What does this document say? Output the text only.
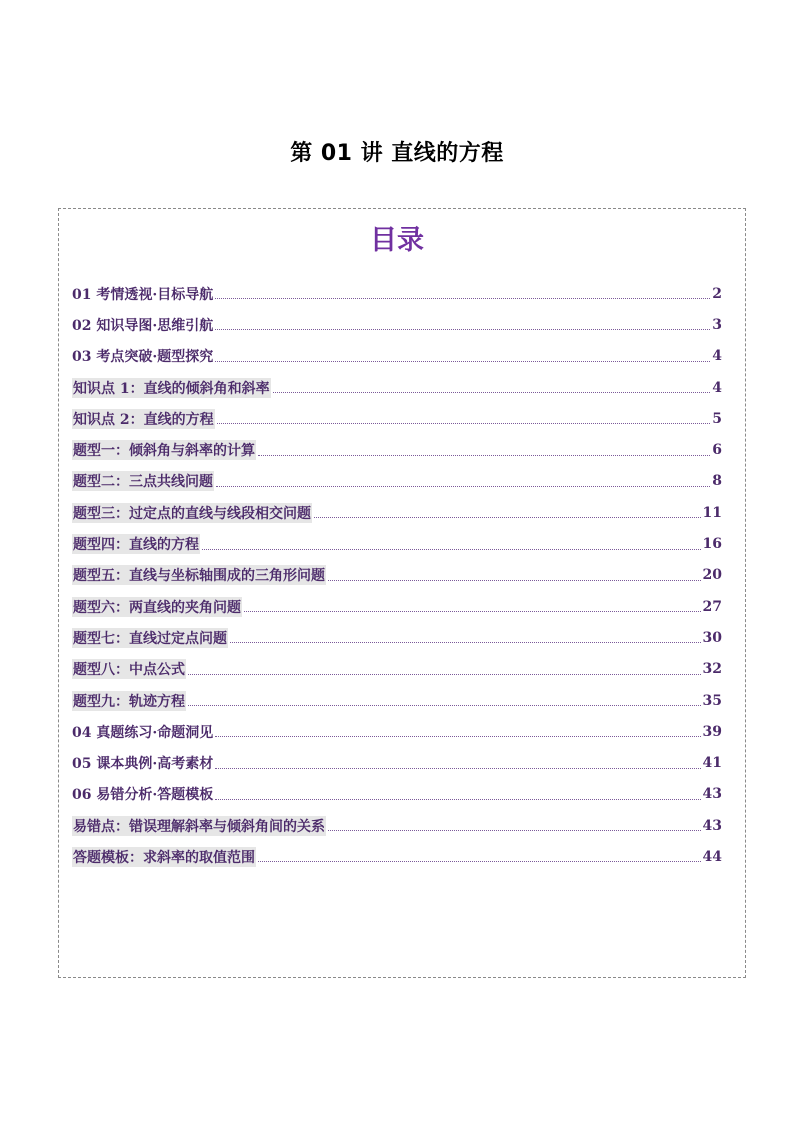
第 01 讲 直线的方程
目录
01 考情透视·目标导航	2
02 知识导图·思维引航	3
03 考点突破·题型探究	4
知识点 1：直线的倾斜角和斜率	4
知识点 2：直线的方程	5
题型一：倾斜角与斜率的计算	6
题型二：三点共线问题	8
题型三：过定点的直线与线段相交问题	11
题型四：直线的方程	16
题型五：直线与坐标轴围成的三角形问题	20
题型六：两直线的夹角问题	27
题型七：直线过定点问题	30
题型八：中点公式	32
题型九：轨迹方程	35
04 真题练习·命题洞见	39
05 课本典例·高考素材	41
06 易错分析·答题模板	43
易错点：错误理解斜率与倾斜角间的关系	43
答题模板：求斜率的取值范围	44
